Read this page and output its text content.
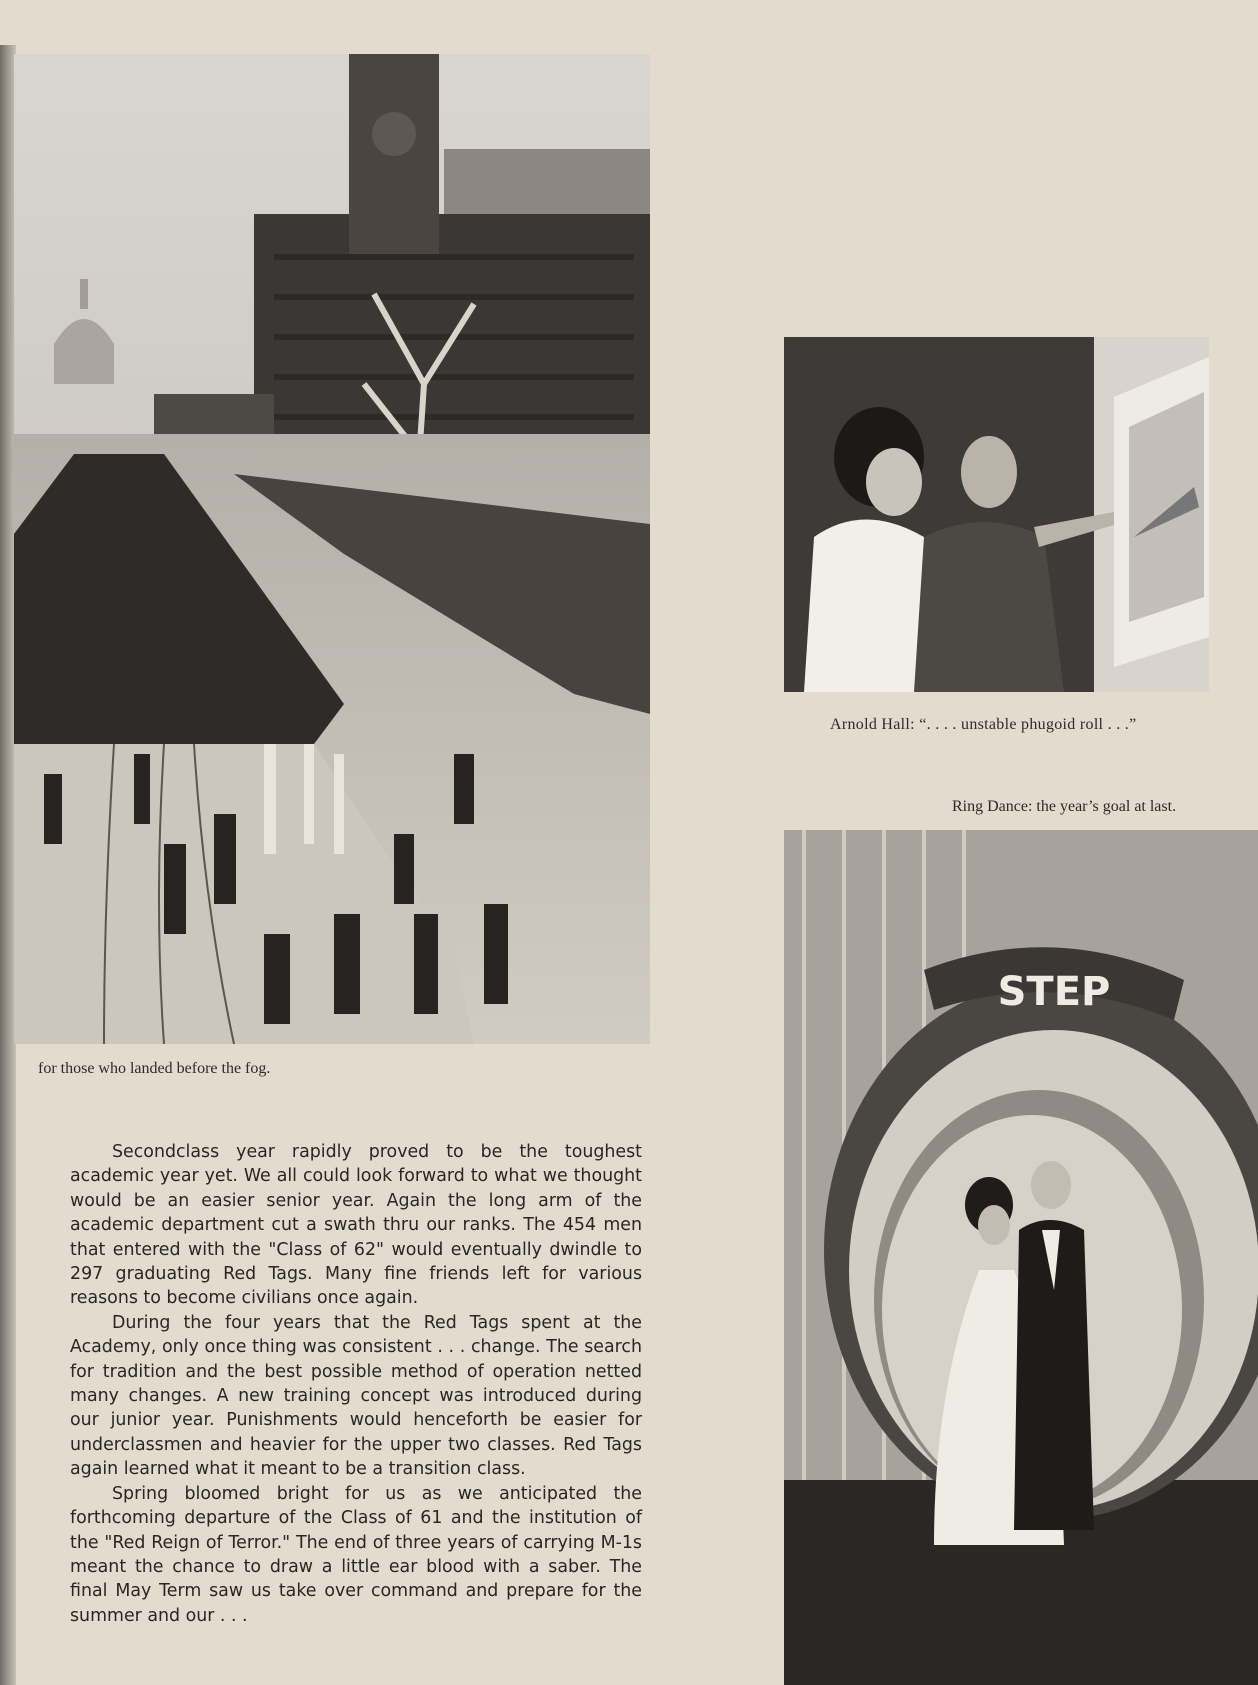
for those who landed before the fog.
Arnold Hall: “. . . . unstable phugoid roll . . .”
Ring Dance: the year’s goal at last.
STEP

Secondclass year rapidly proved to be the toughest academic year yet. We all could look forward to what we thought would be an easier senior year. Again the long arm of the academic department cut a swath thru our ranks. The 454 men that entered with the "Class of 62" would eventually dwindle to 297 graduating Red Tags. Many fine friends left for various reasons to become civilians once again.

During the four years that the Red Tags spent at the Academy, only once thing was consistent . . . change. The search for tradition and the best possible method of operation netted many changes. A new training concept was introduced during our junior year. Punishments would henceforth be easier for underclassmen and heavier for the upper two classes. Red Tags again learned what it meant to be a transition class.

Spring bloomed bright for us as we anticipated the forthcoming departure of the Class of 61 and the institution of the "Red Reign of Terror." The end of three years of carrying M-1s meant the chance to draw a little ear blood with a saber. The final May Term saw us take over command and prepare for the summer and our . . .
